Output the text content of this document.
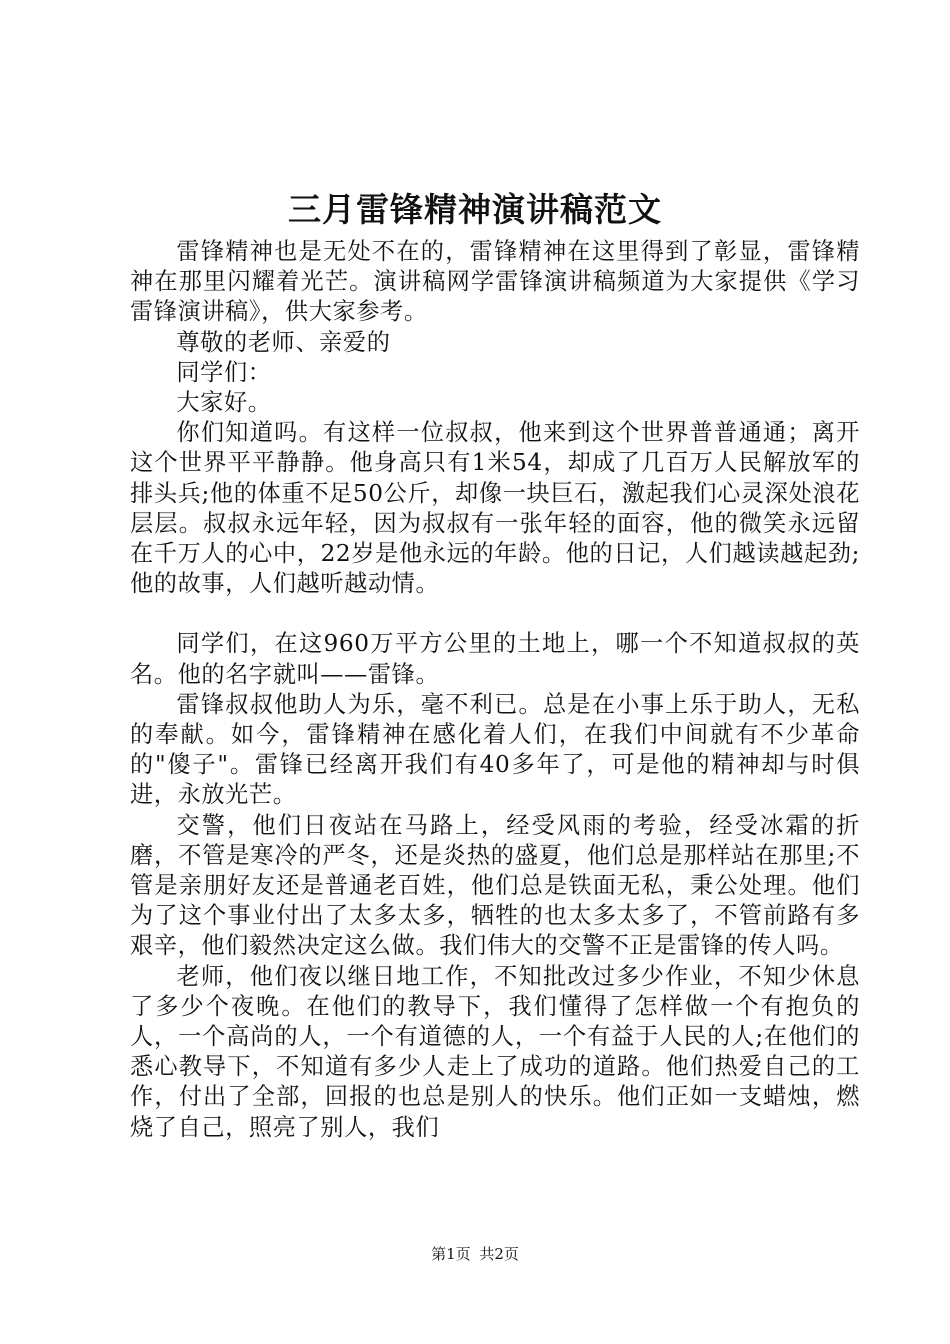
三月雷锋精神演讲稿范文

雷锋精神也是无处不在的，雷锋精神在这里得到了彰显，雷锋精神在那里闪耀着光芒。演讲稿网学雷锋演讲稿频道为大家提供《学习雷锋演讲稿》，供大家参考。

尊敬的老师、亲爱的

同学们：

大家好。

你们知道吗。有这样一位叔叔，他来到这个世界普普通通；离开这个世界平平静静。他身高只有1米54，却成了几百万人民解放军的排头兵;他的体重不足50公斤，却像一块巨石，激起我们心灵深处浪花层层。叔叔永远年轻，因为叔叔有一张年轻的面容，他的微笑永远留在千万人的心中，22岁是他永远的年龄。他的日记，人们越读越起劲;他的故事，人们越听越动情。

同学们，在这960万平方公里的土地上，哪一个不知道叔叔的英名。他的名字就叫——雷锋。

雷锋叔叔他助人为乐，毫不利已。总是在小事上乐于助人，无私的奉献。如今，雷锋精神在感化着人们，在我们中间就有不少革命的"傻子"。雷锋已经离开我们有40多年了，可是他的精神却与时俱进，永放光芒。

交警，他们日夜站在马路上，经受风雨的考验，经受冰霜的折磨，不管是寒冷的严冬，还是炎热的盛夏，他们总是那样站在那里;不管是亲朋好友还是普通老百姓，他们总是铁面无私，秉公处理。他们为了这个事业付出了太多太多，牺牲的也太多太多了，不管前路有多艰辛，他们毅然决定这么做。我们伟大的交警不正是雷锋的传人吗。

老师，他们夜以继日地工作，不知批改过多少作业，不知少休息了多少个夜晚。在他们的教导下，我们懂得了怎样做一个有抱负的人，一个高尚的人，一个有道德的人，一个有益于人民的人;在他们的悉心教导下，不知道有多少人走上了成功的道路。他们热爱自己的工作，付出了全部，回报的也总是别人的快乐。他们正如一支蜡烛，燃烧了自己，照亮了别人，我们

第1页 共2页
